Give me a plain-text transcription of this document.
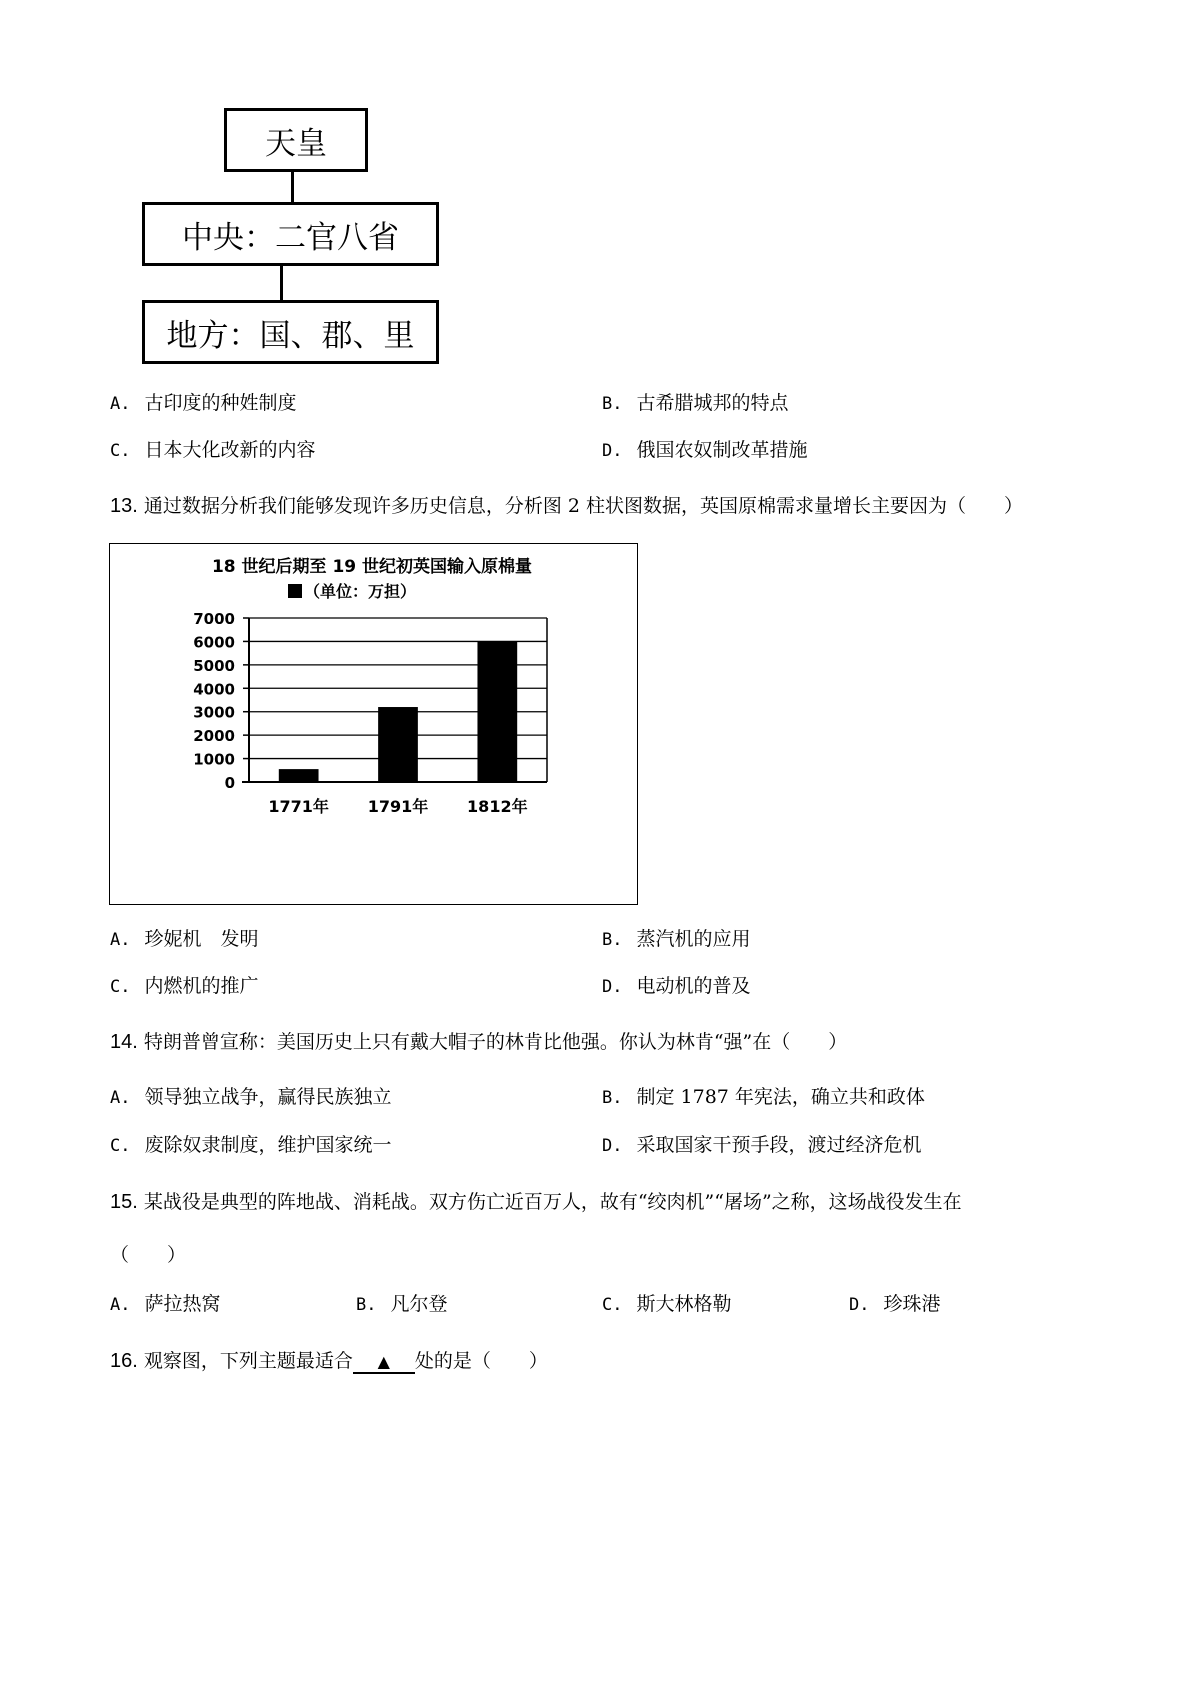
天皇
中央：二官八省
地方：国、郡、里
A. 古印度的种姓制度	B. 古希腊城邦的特点
C. 日本大化改新的内容	D. 俄国农奴制改革措施
13. 通过数据分析我们能够发现许多历史信息，分析图 2 柱状图数据，英国原棉需求量增长主要因为（　　）
18 世纪后期至 19 世纪初英国输入原棉量
（单位：万担）
0
1000
2000
3000
4000
5000
6000
7000
1771年 1791年 1812年
A. 珍妮机　发明	B. 蒸汽机的应用
C. 内燃机的推广	D. 电动机的普及
14. 特朗普曾宣称：美国历史上只有戴大帽子的林肯比他强。你认为林肯“强”在（　　）
A. 领导独立战争，赢得民族独立	B. 制定 1787 年宪法，确立共和政体
C. 废除奴隶制度，维护国家统一	D. 采取国家干预手段，渡过经济危机
15. 某战役是典型的阵地战、消耗战。双方伤亡近百万人，故有“绞肉机”“屠场”之称，这场战役发生在
（　　）
A. 萨拉热窝	B. 凡尔登	C. 斯大林格勒	D. 珍珠港
16. 观察图，下列主题最适合 ▲ 处的是（　　）
